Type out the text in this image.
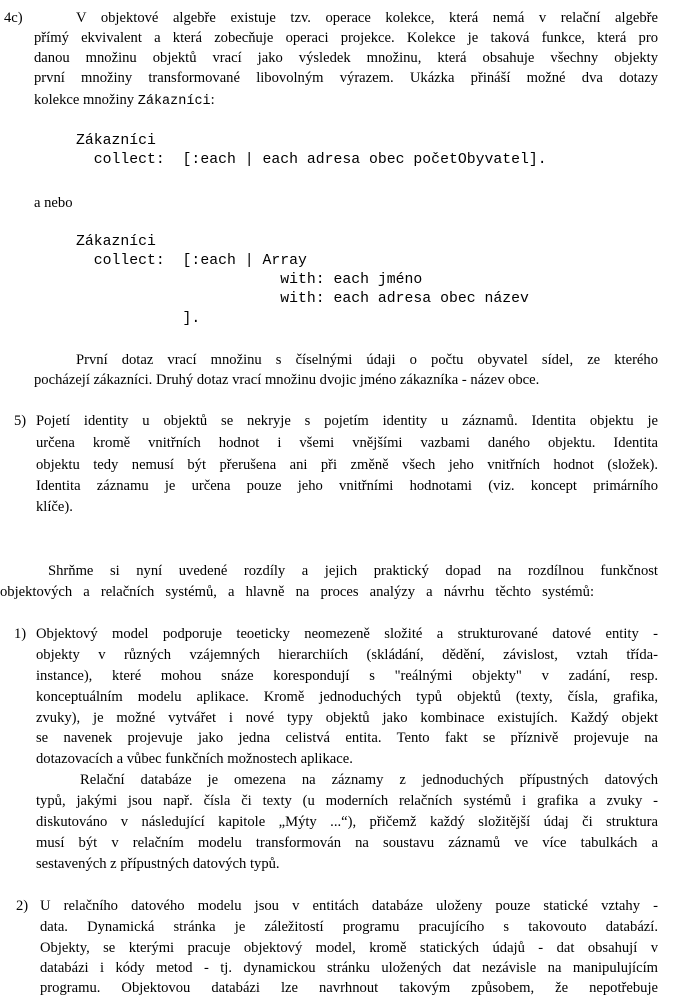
4c)	V objektové algebře existuje tzv. operace kolekce, která nemá v relační algebře
přímý ekvivalent a která zobecňuje operaci projekce. Kolekce je taková funkce, která pro
danou množinu objektů vrací jako výsledek množinu, která obsahuje všechny objekty
první množiny transformované libovolným výrazem. Ukázka přináší možné dva dotazy
kolekce množiny Zákazníci:
Zákazníci
collect:  [:each | each adresa obec početObyvatel].
a nebo
Zákazníci
collect:  [:each | Array
with: each jméno
with: each adresa obec název
].
První dotaz vrací množinu s číselnými údaji o počtu obyvatel sídel, ze kterého
pocházejí zákazníci. Druhý dotaz vrací množinu dvojic jméno zákazníka - název obce.
5) Pojetí identity u objektů se nekryje s pojetím identity u záznamů. Identita objektu je
určena kromě vnitřních hodnot i všemi vnějšími vazbami daného objektu. Identita
objektu tedy nemusí být přerušena ani při změně všech jeho vnitřních hodnot (složek).
Identita záznamu je určena pouze jeho vnitřními hodnotami (viz. koncept primárního
klíče).
Shrňme si nyní uvedené rozdíly a jejich praktický dopad na rozdílnou funkčnost
objektových a relačních systémů, a hlavně na proces analýzy a návrhu těchto systémů:
1) Objektový model podporuje teoeticky neomezeně složité a strukturované datové entity -
objekty v různých vzájemných hierarchiích (skládání, dědění, závislost, vztah třída-
instance), které mohou snáze korespondují s "reálnými objekty" v zadání, resp.
konceptuálním modelu aplikace. Kromě jednoduchých typů objektů (texty, čísla, grafika,
zvuky), je možné vytvářet i nové typy objektů jako kombinace existujích. Každý objekt
se navenek projevuje jako jedna celistvá entita. Tento fakt se příznivě projevuje na
dotazovacích a vůbec funkčních možnostech aplikace.
Relační databáze je omezena na záznamy z jednoduchých přípustných datových
typů, jakými jsou např. čísla či texty (u moderních relačních systémů i grafika a zvuky -
diskutováno v následující kapitole „Mýty ...“), přičemž každý složitější údaj či struktura
musí být v relačním modelu transformován na soustavu záznamů ve více tabulkách a
sestavených z přípustných datových typů.
2) U relačního datového modelu jsou v entitách databáze uloženy pouze statické vztahy -
data. Dynamická stránka je záležitostí programu pracujícího s takovouto databází.
Objekty, se kterými pracuje objektový model, kromě statických údajů - dat obsahují v
databázi i kódy metod - tj. dynamickou stránku uložených dat nezávisle na manipulujícím
programu. Objektovou databázi lze navrhnout takovým způsobem, že nepotřebuje
